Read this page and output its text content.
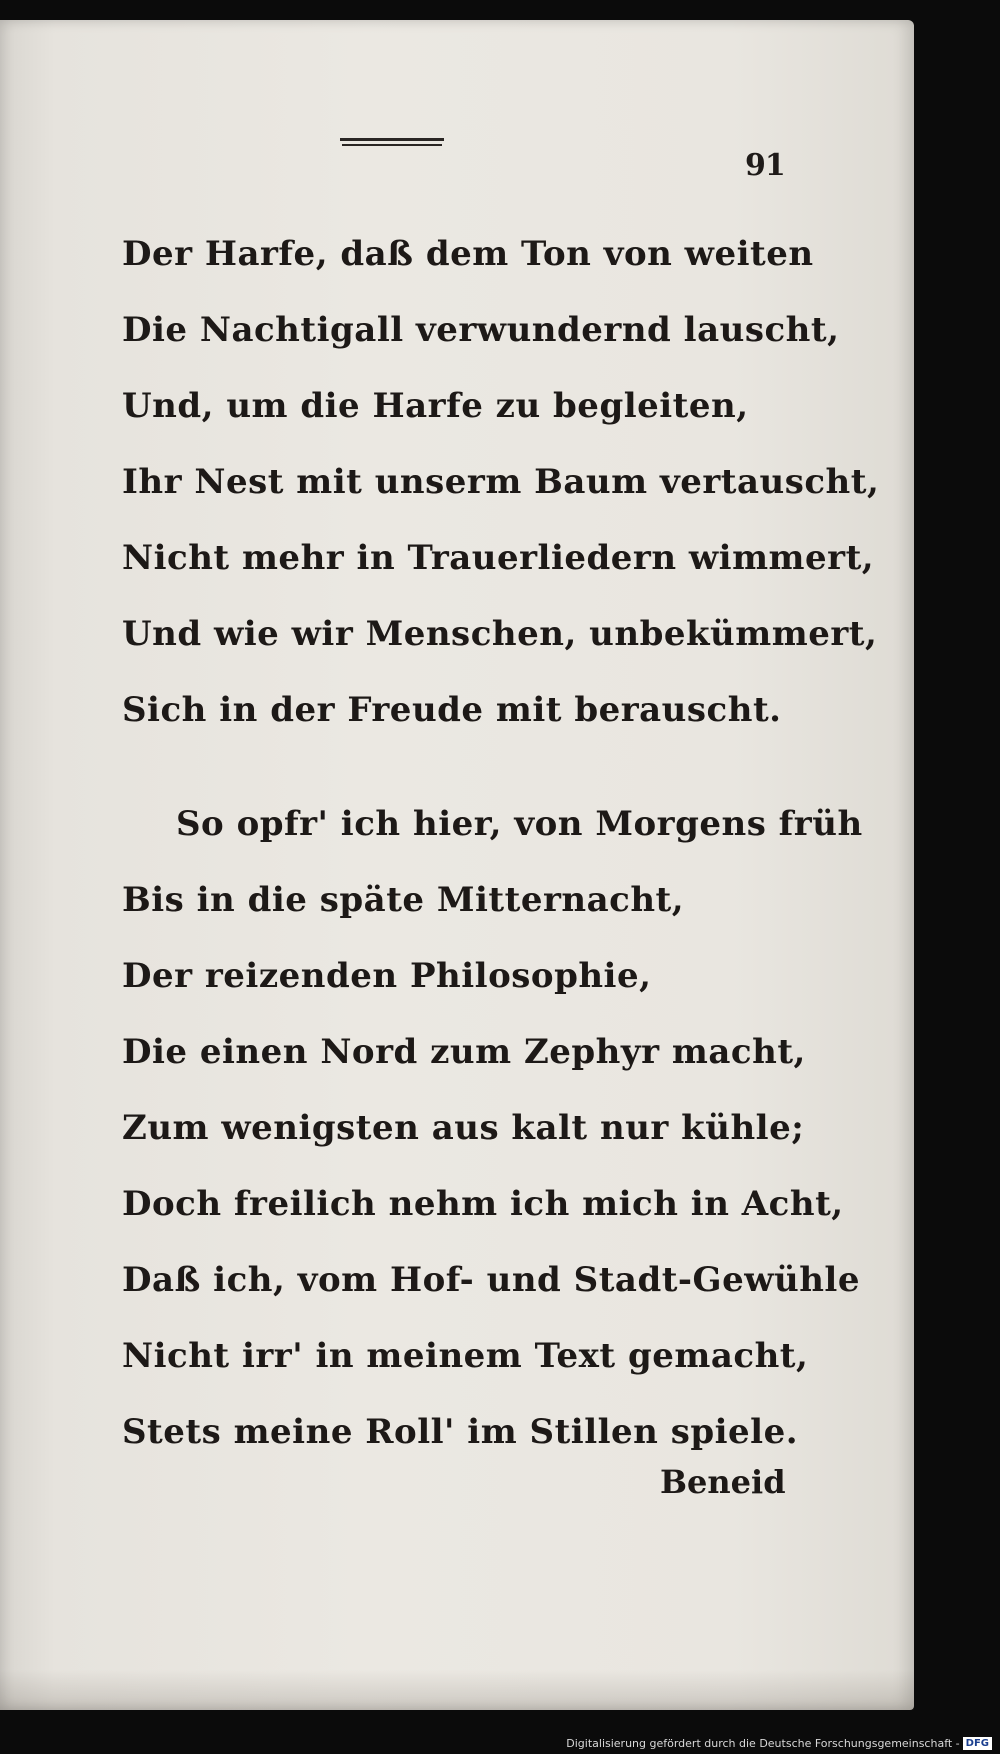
91
Der Harfe, daß dem Ton von weiten
Die Nachtigall verwundernd lauscht,
Und, um die Harfe zu begleiten,
Ihr Nest mit unserm Baum vertauscht,
Nicht mehr in Trauerliedern wimmert,
Und wie wir Menschen, unbekümmert,
Sich in der Freude mit berauscht.
So opfr' ich hier, von Morgens früh
Bis in die späte Mitternacht,
Der reizenden Philosophie,
Die einen Nord zum Zephyr macht,
Zum wenigsten aus kalt nur kühle;
Doch freilich nehm ich mich in Acht,
Daß ich, vom Hof- und Stadt-Gewühle
Nicht irr' in meinem Text gemacht,
Stets meine Roll' im Stillen spiele.
Beneid
Digitalisierung gefördert durch die Deutsche Forschungsgemeinschaft - DFG
